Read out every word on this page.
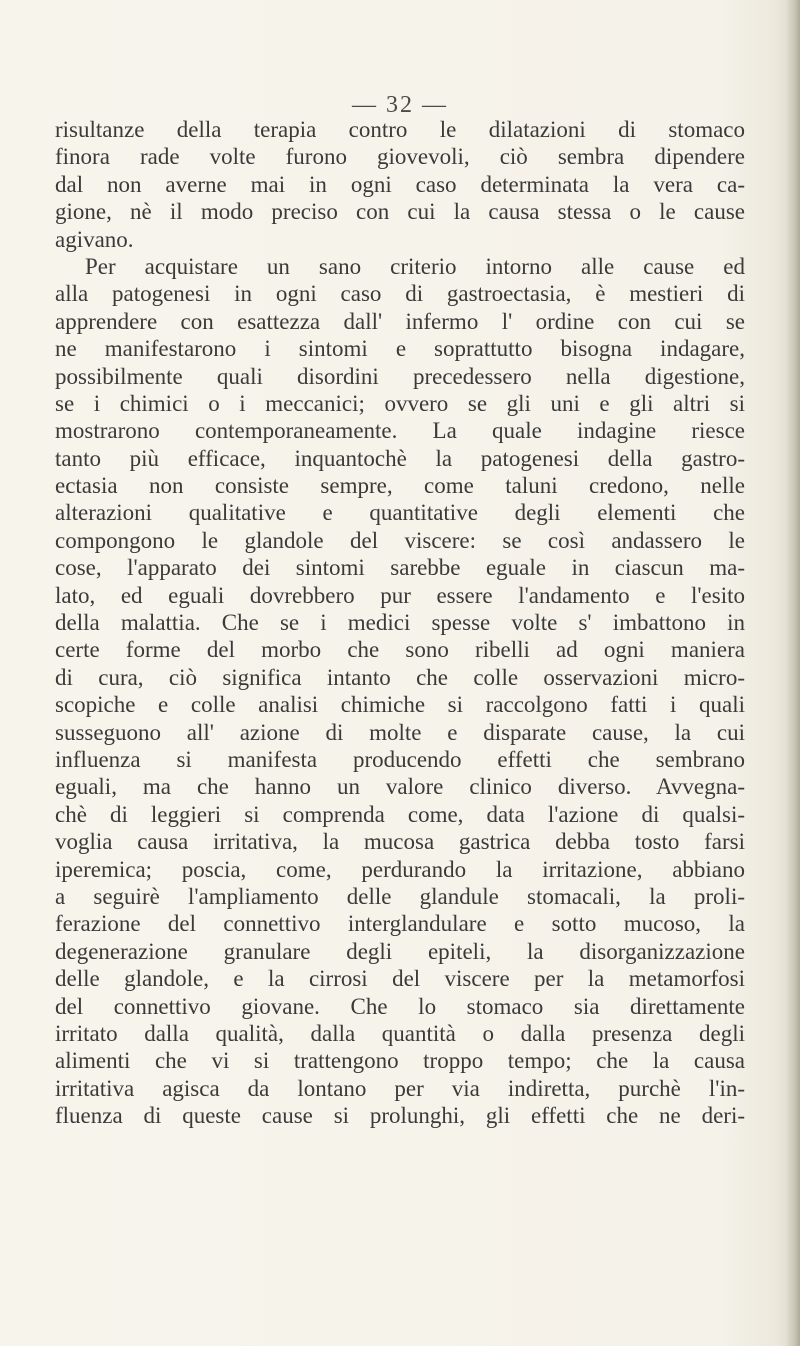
— 32 —
risultanze della terapia contro le dilatazioni di stomaco
finora rade volte furono giovevoli, ciò sembra dipendere
dal non averne mai in ogni caso determinata la vera ca-
gione, nè il modo preciso con cui la causa stessa o le cause
agivano.
Per acquistare un sano criterio intorno alle cause ed
alla patogenesi in ogni caso di gastroectasia, è mestieri di
apprendere con esattezza dall' infermo l' ordine con cui se
ne manifestarono i sintomi e soprattutto bisogna indagare,
possibilmente quali disordini precedessero nella digestione,
se i chimici o i meccanici; ovvero se gli uni e gli altri si
mostrarono contemporaneamente. La quale indagine riesce
tanto più efficace, inquantochè la patogenesi della gastro-
ectasia non consiste sempre, come taluni credono, nelle
alterazioni qualitative e quantitative degli elementi che
compongono le glandole del viscere: se così andassero le
cose, l'apparato dei sintomi sarebbe eguale in ciascun ma-
lato, ed eguali dovrebbero pur essere l'andamento e l'esito
della malattia. Che se i medici spesse volte s' imbattono in
certe forme del morbo che sono ribelli ad ogni maniera
di cura, ciò significa intanto che colle osservazioni micro-
scopiche e colle analisi chimiche si raccolgono fatti i quali
susseguono all' azione di molte e disparate cause, la cui
influenza si manifesta producendo effetti che sembrano
eguali, ma che hanno un valore clinico diverso. Avvegna-
chè di leggieri si comprenda come, data l'azione di qualsi-
voglia causa irritativa, la mucosa gastrica debba tosto farsi
iperemica; poscia, come, perdurando la irritazione, abbiano
a seguirè l'ampliamento delle glandule stomacali, la proli-
ferazione del connettivo interglandulare e sotto mucoso, la
degenerazione granulare degli epiteli, la disorganizzazione
delle glandole, e la cirrosi del viscere per la metamorfosi
del connettivo giovane. Che lo stomaco sia direttamente
irritato dalla qualità, dalla quantità o dalla presenza degli
alimenti che vi si trattengono troppo tempo; che la causa
irritativa agisca da lontano per via indiretta, purchè l'in-
fluenza di queste cause si prolunghi, gli effetti che ne deri-
